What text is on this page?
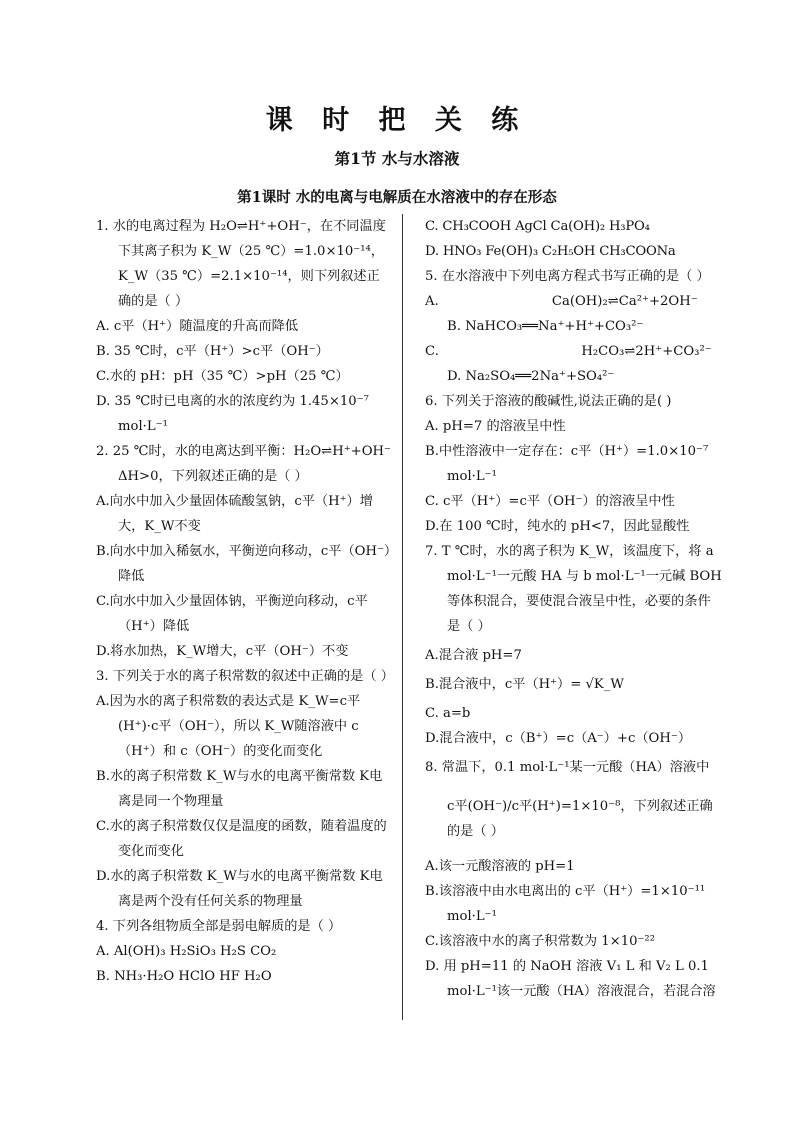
课 时 把 关 练
第1节 水与水溶液
第1课时 水的电离与电解质在水溶液中的存在形态

1. 水的电离过程为 H₂O⇌H⁺+OH⁻，在不同温度下其离子积为 K_W（25 ℃）=1.0×10⁻¹⁴，K_W（35 ℃）=2.1×10⁻¹⁴，则下列叙述正确的是（ ）

A. c平（H⁺）随温度的升高而降低

B. 35 ℃时，c平（H⁺）>c平（OH⁻）

C.水的 pH：pH（35 ℃）>pH（25 ℃）

D. 35 ℃时已电离的水的浓度约为 1.45×10⁻⁷ mol·L⁻¹

2. 25 ℃时，水的电离达到平衡：H₂O⇌H⁺+OH⁻ ΔH>0，下列叙述正确的是（ ）

A.向水中加入少量固体硫酸氢钠，c平（H⁺）增大，K_W不变

B.向水中加入稀氨水，平衡逆向移动，c平（OH⁻）降低

C.向水中加入少量固体钠，平衡逆向移动，c平（H⁺）降低

D.将水加热，K_W增大，c平（OH⁻）不变

3. 下列关于水的离子积常数的叙述中正确的是（ ）

A.因为水的离子积常数的表达式是 K_W=c平(H⁺)·c平（OH⁻），所以 K_W随溶液中 c（H⁺）和 c（OH⁻）的变化而变化

B.水的离子积常数 K_W与水的电离平衡常数 K电离是同一个物理量

C.水的离子积常数仅仅是温度的函数，随着温度的变化而变化

D.水的离子积常数 K_W与水的电离平衡常数 K电离是两个没有任何关系的物理量

4. 下列各组物质全部是弱电解质的是（ ）

A. Al(OH)₃ H₂SiO₃ H₂S CO₂

B. NH₃·H₂O HClO HF H₂O

C. CH₃COOH AgCl Ca(OH)₂ H₃PO₄

D. HNO₃ Fe(OH)₃ C₂H₅OH CH₃COONa

5. 在水溶液中下列电离方程式书写正确的是（ ）

A.                           Ca(OH)₂⇌Ca²⁺+2OH⁻

B. NaHCO₃══Na⁺+H⁺+CO₃²⁻

C.                                  H₂CO₃⇌2H⁺+CO₃²⁻

D. Na₂SO₄══2Na⁺+SO₄²⁻

6. 下列关于溶液的酸碱性,说法正确的是( )

A. pH=7 的溶液呈中性

B.中性溶液中一定存在：c平（H⁺）=1.0×10⁻⁷ mol·L⁻¹

C. c平（H⁺）=c平（OH⁻）的溶液呈中性

D.在 100 ℃时，纯水的 pH<7，因此显酸性

7. T ℃时，水的离子积为 K_W，该温度下，将 a mol·L⁻¹一元酸 HA 与 b mol·L⁻¹一元碱 BOH 等体积混合，要使混合液呈中性，必要的条件是（ ）

A.混合液 pH=7

B.混合液中，c平（H⁺）= √K_W

C. a=b

D.混合液中，c（B⁺）=c（A⁻）+c（OH⁻）

8. 常温下，0.1 mol·L⁻¹某一元酸（HA）溶液中

c平(OH⁻)/c平(H⁺)=1×10⁻⁸，下列叙述正确的是（ ）

A.该一元酸溶液的 pH=1

B.该溶液中由水电离出的 c平（H⁺）=1×10⁻¹¹ mol·L⁻¹

C.该溶液中水的离子积常数为 1×10⁻²²

D. 用 pH=11 的 NaOH 溶液 V₁ L 和 V₂ L 0.1 mol·L⁻¹该一元酸（HA）溶液混合，若混合溶
